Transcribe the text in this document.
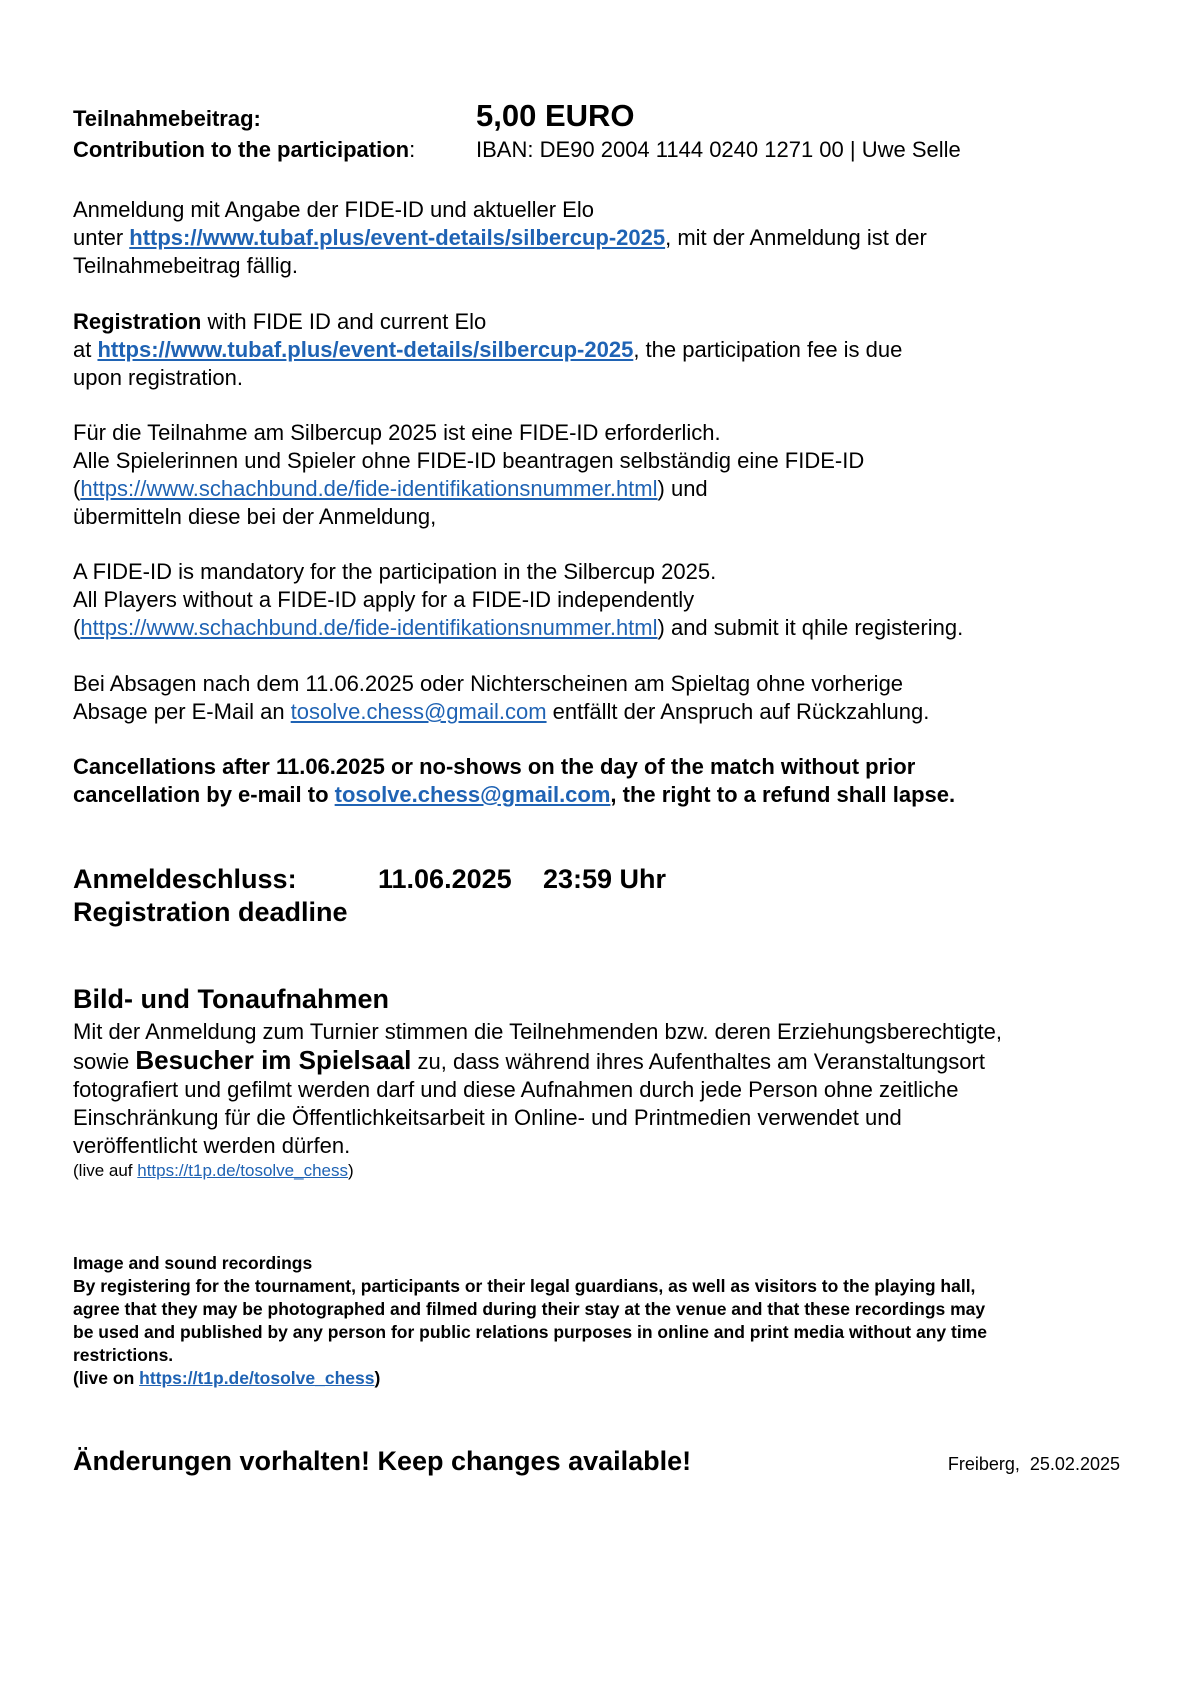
Teilnahmebeitrag:	5,00 EURO
Contribution to the participation:	IBAN: DE90 2004 1144 0240 1271 00 | Uwe Selle

Anmeldung mit Angabe der FIDE-ID und aktueller Elo

unter https://www.tubaf.plus/event-details/silbercup-2025, mit der Anmeldung ist der

Teilnahmebeitrag fällig.

Registration with FIDE ID and current Elo

at https://www.tubaf.plus/event-details/silbercup-2025, the participation fee is due

upon registration.

Für die Teilnahme am Silbercup 2025 ist eine FIDE-ID erforderlich.

Alle Spielerinnen und Spieler ohne FIDE-ID beantragen selbständig eine FIDE-ID

(https://www.schachbund.de/fide-identifikationsnummer.html) und

übermitteln diese bei der Anmeldung,

A FIDE-ID is mandatory for the participation in the Silbercup 2025.

All Players without a FIDE-ID apply for a FIDE-ID independently

(https://www.schachbund.de/fide-identifikationsnummer.html) and submit it qhile registering.

Bei Absagen nach dem 11.06.2025 oder Nichterscheinen am Spieltag ohne vorherige

Absage per E-Mail an tosolve.chess@gmail.com entfällt der Anspruch auf Rückzahlung.

Cancellations after 11.06.2025 or no-shows on the day of the match without prior

cancellation by e-mail to tosolve.chess@gmail.com, the right to a refund shall lapse.

Anmeldeschluss:	11.06.2025 23:59 Uhr
Registration deadline
Bild- und Tonaufnahmen

Mit der Anmeldung zum Turnier stimmen die Teilnehmenden bzw. deren Erziehungsberechtigte,

sowie Besucher im Spielsaal zu, dass während ihres Aufenthaltes am Veranstaltungsort

fotografiert und gefilmt werden darf und diese Aufnahmen durch jede Person ohne zeitliche

Einschränkung für die Öffentlichkeitsarbeit in Online- und Printmedien verwendet und

veröffentlicht werden dürfen.

(live auf https://t1p.de/tosolve_chess)

Image and sound recordings

By registering for the tournament, participants or their legal guardians, as well as visitors to the playing hall,

agree that they may be photographed and filmed during their stay at the venue and that these recordings may

be used and published by any person for public relations purposes in online and print media without any time

restrictions.

(live on https://t1p.de/tosolve_chess)

Änderungen vorhalten! Keep changes available!	Freiberg,  25.02.2025
